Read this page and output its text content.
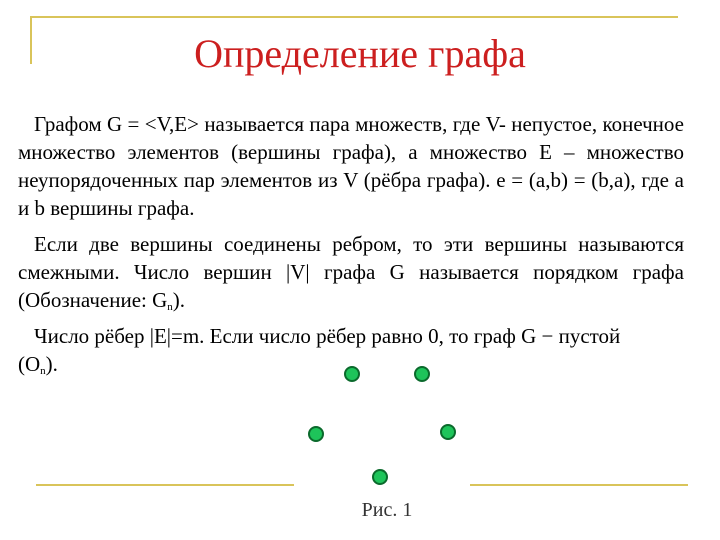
Определение графа
Графом G = <V,E> называется пара множеств, где V- непустое, конечное множество элементов (вершины графа), а множество E – множество неупорядоченных пар элементов из V (рёбра графа). e = (a,b) = (b,a), где a и b вершины графа.
Если две вершины соединены ребром, то эти вершины называются смежными. Число вершин |V| графа G называется порядком графа (Обозначение: $G_n$).
Число рёбер |E|=m. Если число рёбер равно 0, то граф G − пустой $(O_n)$.
Рис. 1
